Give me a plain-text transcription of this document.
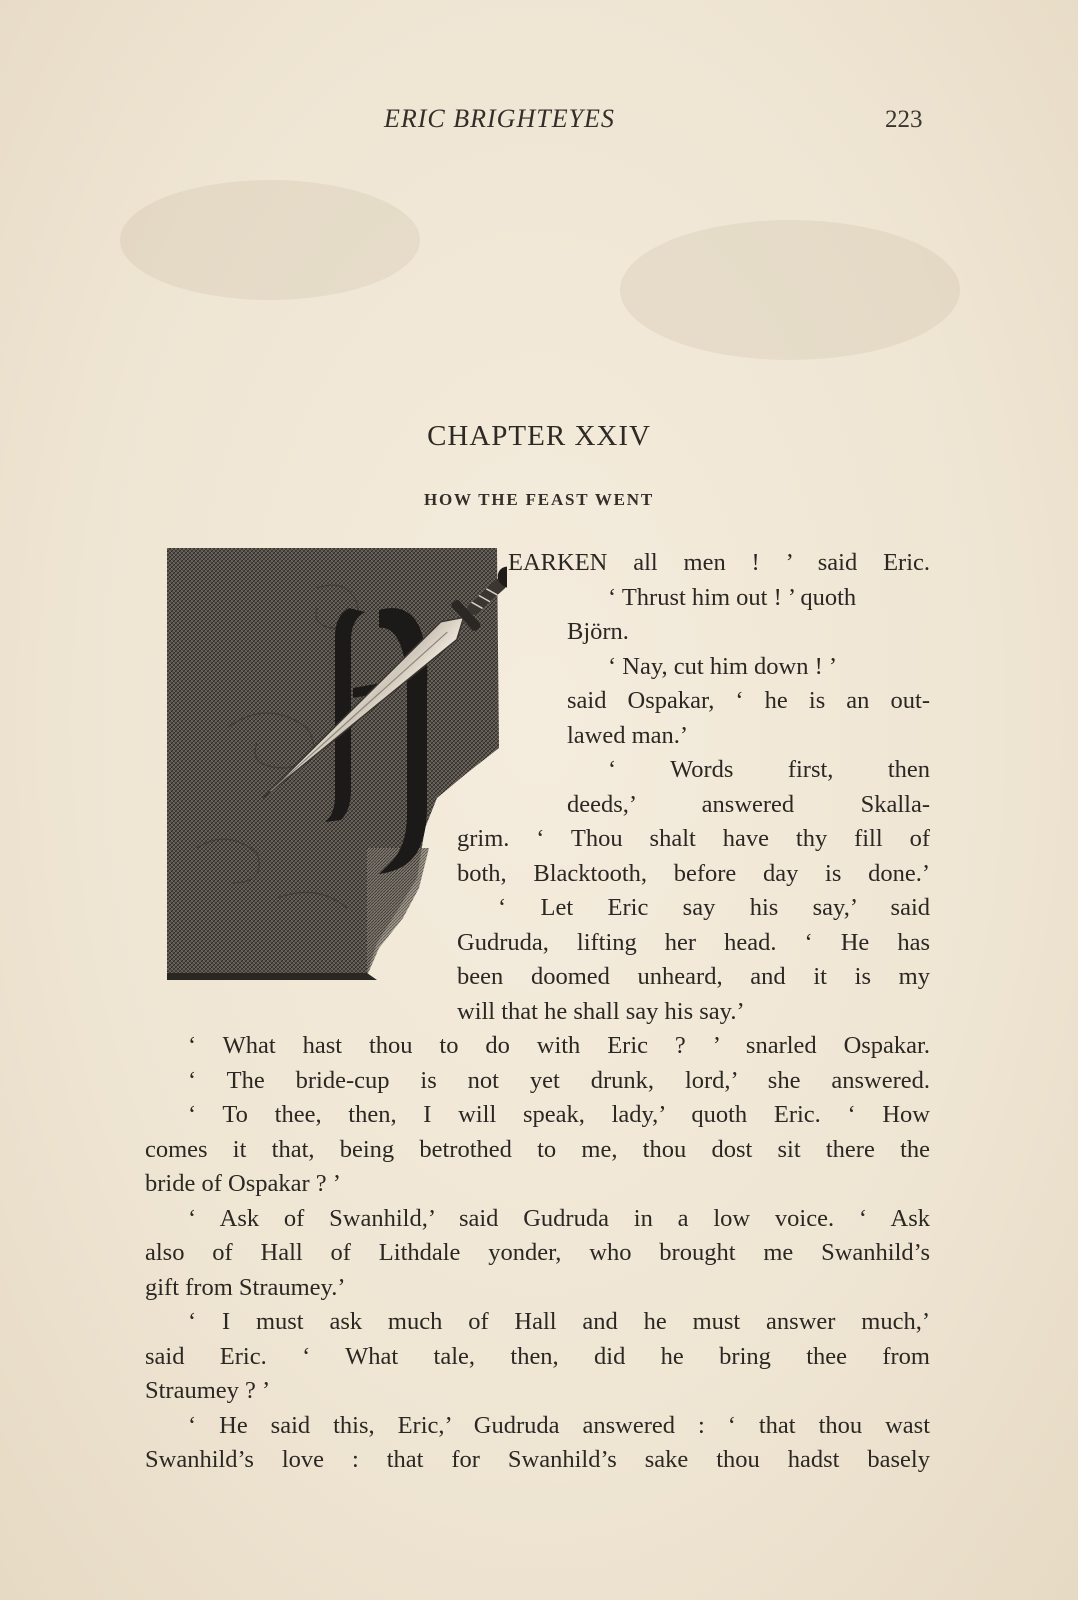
ERIC BRIGHTEYES	223
CHAPTER XXIV
HOW THE FEAST WENT
EARKEN all men ! ’ said Eric.
‘ Thrust him out ! ’ quoth
Björn.
‘ Nay, cut him down ! ’
said Ospakar, ‘ he is an out-
lawed man.’
‘ Words first, then
deeds,’ answered Skalla-
grim. ‘ Thou shalt have thy fill of
both, Blacktooth, before day is done.’
‘ Let Eric say his say,’ said
Gudruda, lifting her head. ‘ He has
been doomed unheard, and it is my
will that he shall say his say.’
‘ What hast thou to do with Eric ? ’ snarled Ospakar.
‘ The bride-cup is not yet drunk, lord,’ she answered.
‘ To thee, then, I will speak, lady,’ quoth Eric. ‘ How
comes it that, being betrothed to me, thou dost sit there the
bride of Ospakar ? ’
‘ Ask of Swanhild,’ said Gudruda in a low voice. ‘ Ask
also of Hall of Lithdale yonder, who brought me Swanhild’s
gift from Straumey.’
‘ I must ask much of Hall and he must answer much,’
said Eric. ‘ What tale, then, did he bring thee from
Straumey ? ’
‘ He said this, Eric,’ Gudruda answered : ‘ that thou wast
Swanhild’s love : that for Swanhild’s sake thou hadst basely
